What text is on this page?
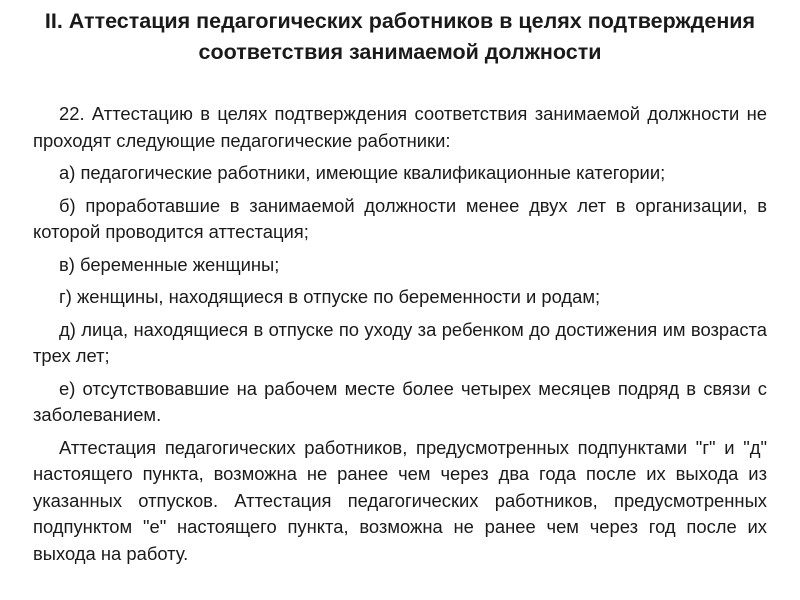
II. Аттестация педагогических работников в целях подтверждения соответствия занимаемой должности

22. Аттестацию в целях подтверждения соответствия занимаемой должности не проходят следующие педагогические работники:

а) педагогические работники, имеющие квалификационные категории;

б) проработавшие в занимаемой должности менее двух лет в организации, в которой проводится аттестация;

в) беременные женщины;

г) женщины, находящиеся в отпуске по беременности и родам;

д) лица, находящиеся в отпуске по уходу за ребенком до достижения им возраста трех лет;

е) отсутствовавшие на рабочем месте более четырех месяцев подряд в связи с заболеванием.

Аттестация педагогических работников, предусмотренных подпунктами "г" и "д" настоящего пункта, возможна не ранее чем через два года после их выхода из указанных отпусков. Аттестация педагогических работников, предусмотренных подпунктом "е" настоящего пункта, возможна не ранее чем через год после их выхода на работу.
